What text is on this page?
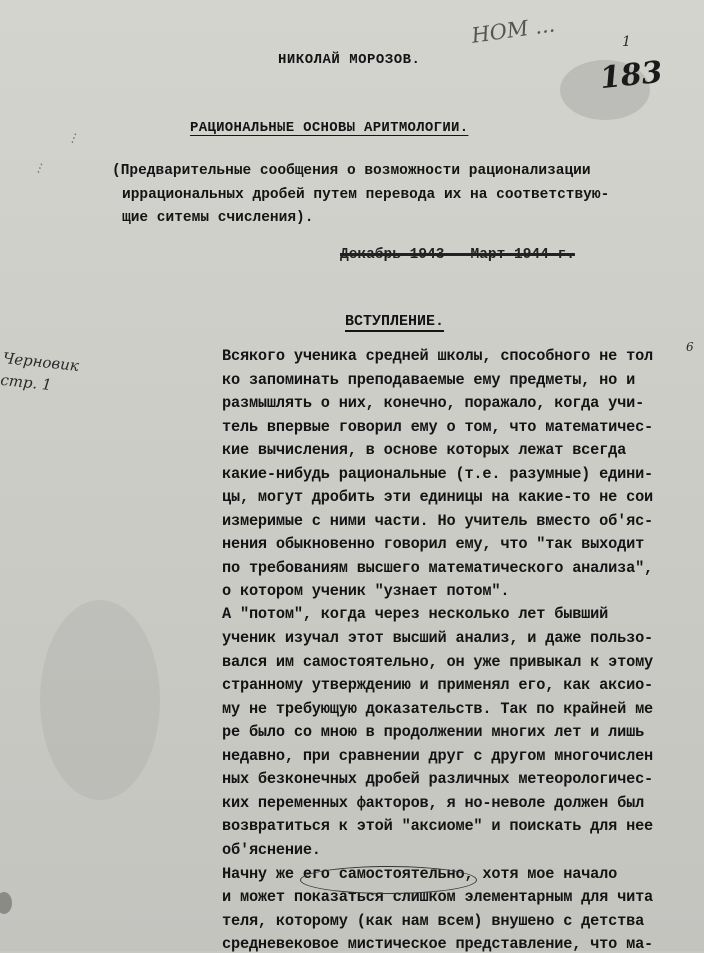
НИКОЛАЙ МОРОЗОВ.
РАЦИОНАЛЬНЫЕ ОСНОВЫ АРИТМОЛОГИИ.
(Предварительные сообщения о возможности рационализации
иррациональных дробей путем перевода их на соответствую-
щие ситемы счисления).
Декабрь 1943 - Март 1944 г.
ВСТУПЛЕНИЕ.
Всякого ученика средней школы, способного не тол
ко запоминать преподаваемые ему предметы, но и
размышлять о них, конечно, поражало, когда учи-
тель впервые говорил ему о том, что математичес-
кие вычисления, в основе которых лежат всегда
какие-нибудь рациональные (т.е. разумные) едини-
цы, могут дробить эти единицы на какие-то не сои
измеримые с ними части. Но учитель вместо об'яс-
нения обыкновенно говорил ему, что "так выходит
по требованиям высшего математического анализа",
о котором ученик "узнает потом".
А "потом", когда через несколько лет бывший
ученик изучал этот высший анализ, и даже пользо-
вался им самостоятельно, он уже привыкал к этому
странному утверждению и применял его, как аксио-
му не требующую доказательств. Так по крайней ме
ре было со мною в продолжении многих лет и лишь
недавно, при сравнении друг с другом многочислен
ных безконечных дробей различных метеорологичес-
ких переменных факторов, я но-неволе должен был
возвратиться к этой "аксиоме" и поискать для нее
об'яснение.
Начну же его самостоятельно, хотя мое начало
и может показаться слишком элементарным для чита
теля, которому (как нам всем) внушено с детства
НОМ ...	1
183
6
...
...
Черновик
стр. 1
средневековое мистическое представление, что ма-
